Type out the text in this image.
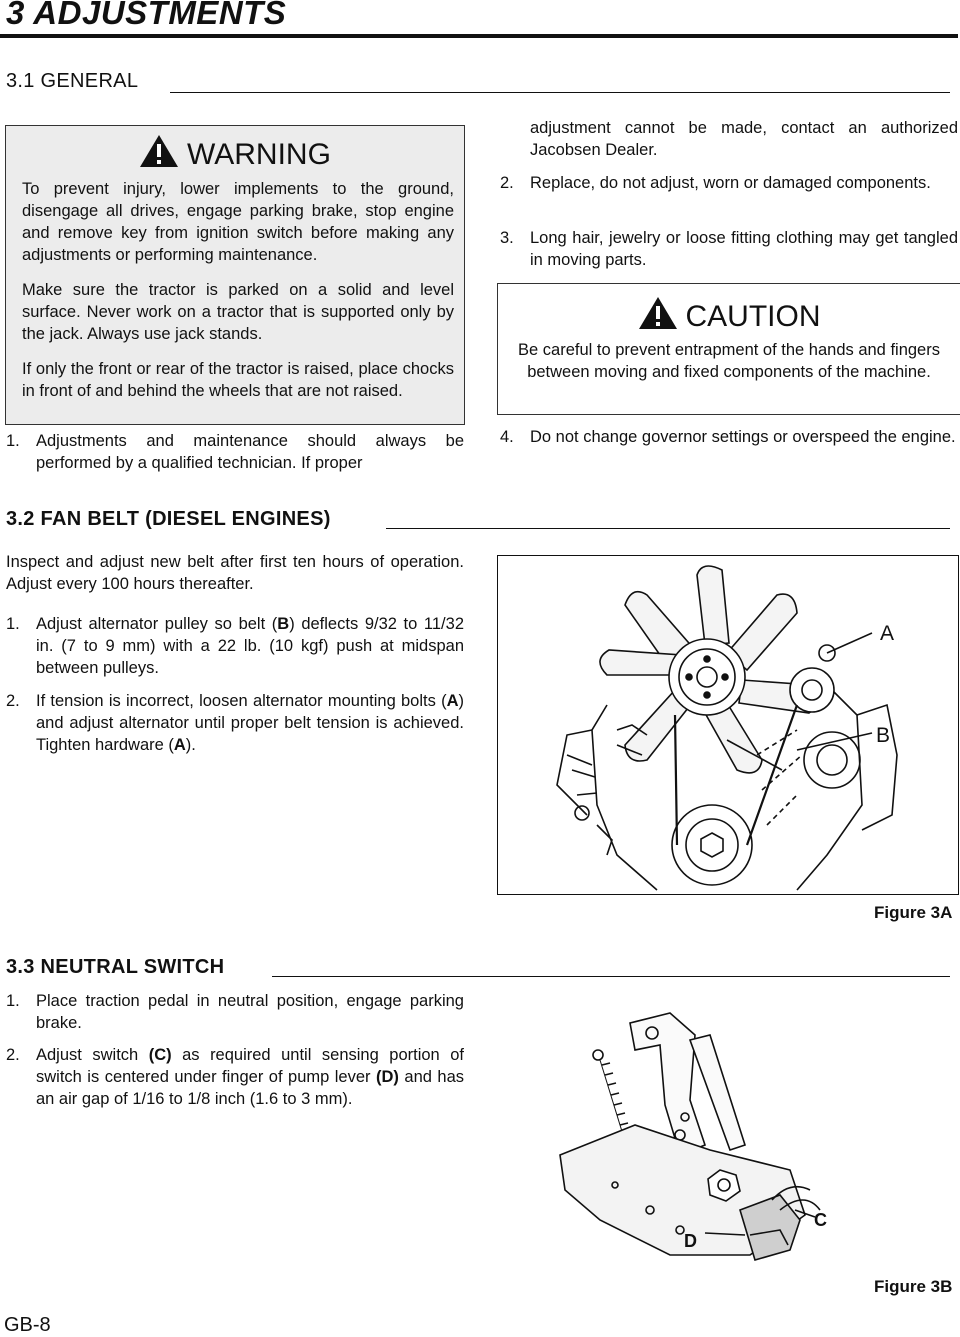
3 ADJUSTMENTS
3.1 GENERAL
WARNING
To prevent injury, lower implements to the ground, disengage all drives, engage parking brake, stop engine and remove key from ignition switch before making any adjustments or performing maintenance.
Make sure the tractor is parked on a solid and level surface. Never work on a tractor that is supported only by the jack. Always use jack stands.
If only the front or rear of the tractor is raised, place chocks in front of and behind the wheels that are not raised.
1. Adjustments and maintenance should always be performed by a qualified technician. If proper
adjustment cannot be made, contact an authorized Jacobsen Dealer.
2. Replace, do not adjust, worn or damaged components.
3. Long hair, jewelry or loose fitting clothing may get tangled in moving parts.
CAUTION
Be careful to prevent entrapment of the hands and fingers between moving and fixed components of the machine.
4. Do not change governor settings or overspeed the engine.
3.2 FAN BELT (DIESEL ENGINES)
Inspect and adjust new belt after first ten hours of operation. Adjust every 100 hours thereafter.
1. Adjust alternator pulley so belt (B) deflects 9/32 to 11/32 in. (7 to 9 mm) with a 22 lb. (10 kgf) push at midspan between pulleys.
2. If tension is incorrect, loosen alternator mounting bolts (A) and adjust alternator until proper belt tension is achieved. Tighten hardware (A).
A
B
Figure 3A
3.3 NEUTRAL SWITCH
1. Place traction pedal in neutral position, engage parking brake.
2. Adjust switch (C) as required until sensing portion of switch is centered under finger of pump lever (D) and has an air gap of 1/16 to 1/8 inch (1.6 to 3 mm).
C
D
Figure 3B
GB-8
